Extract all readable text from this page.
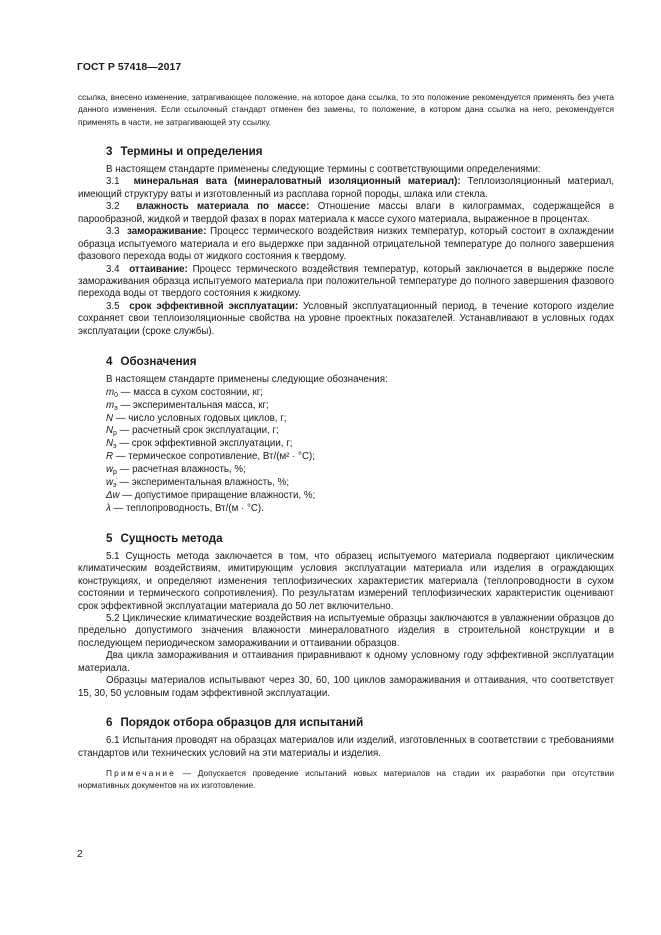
ГОСТ Р 57418—2017

ссылка, внесено изменение, затрагивающее положение, на которое дана ссылка, то это положение рекомендуется применять без учета данного изменения. Если ссылочный стандарт отменен без замены, то положение, в котором дана ссылка на него, рекомендуется применять в части, не затрагивающей эту ссылку.

3 Термины и определения

В настоящем стандарте применены следующие термины с соответствующими определениями:

3.1 минеральная вата (минераловатный изоляционный материал): Теплоизоляционный материал, имеющий структуру ваты и изготовленный из расплава горной породы, шлака или стекла.

3.2 влажность материала по массе: Отношение массы влаги в килограммах, содержащейся в парообразной, жидкой и твердой фазах в порах материала к массе сухого материала, выраженное в процентах.

3.3 замораживание: Процесс термического воздействия низких температур, который состоит в охлаждении образца испытуемого материала и его выдержке при заданной отрицательной температуре до полного завершения фазового перехода воды от жидкого состояния к твердому.

3.4 оттаивание: Процесс термического воздействия температур, который заключается в выдержке после замораживания образца испытуемого материала при положительной температуре до полного завершения фазового перехода воды от твердого состояния к жидкому.

3.5 срок эффективной эксплуатации: Условный эксплуатационный период, в течение которого изделие сохраняет свои теплоизоляционные свойства на уровне проектных показателей. Устанавливают в условных годах эксплуатации (сроке службы).

4 Обозначения

В настоящем стандарте применены следующие обозначения:

$m_0$ — масса в сухом состоянии, кг;
$m_э$ — экспериментальная масса, кг;
N — число условных годовых циклов, г;
$N_р$ — расчетный срок эксплуатации, г;
$N_э$ — срок эффективной эксплуатации, г;
R — термическое сопротивление, Вт/(м² · °С);
$w_р$ — расчетная влажность, %;
$w_э$ — экспериментальная влажность, %;
Δw — допустимое приращение влажности, %;
λ — теплопроводность, Вт/(м · °С).
5 Сущность метода

5.1 Сущность метода заключается в том, что образец испытуемого материала подвергают циклическим климатическим воздействиям, имитирующим условия эксплуатации материала или изделия в ограждающих конструкциях, и определяют изменения теплофизических характеристик материала (теплопроводности в сухом состоянии и термического сопротивления). По результатам измерений теплофизических характеристик оценивают срок эффективной эксплуатации материала до 50 лет включительно.

5.2 Циклические климатические воздействия на испытуемые образцы заключаются в увлажнении образцов до предельно допустимого значения влажности минераловатного изделия в строительной конструкции и в последующем периодическом замораживании и оттаивании образцов.

Два цикла замораживания и оттаивания приравнивают к одному условному году эффективной эксплуатации материала.

Образцы материалов испытывают через 30, 60, 100 циклов замораживания и оттаивания, что соответствует 15, 30, 50 условным годам эффективной эксплуатации.

6 Порядок отбора образцов для испытаний

6.1 Испытания проводят на образцах материалов или изделий, изготовленных в соответствии с требованиями стандартов или технических условий на эти материалы и изделия.

Примечание — Допускается проведение испытаний новых материалов на стадии их разработки при отсутствии нормативных документов на их изготовление.

2
